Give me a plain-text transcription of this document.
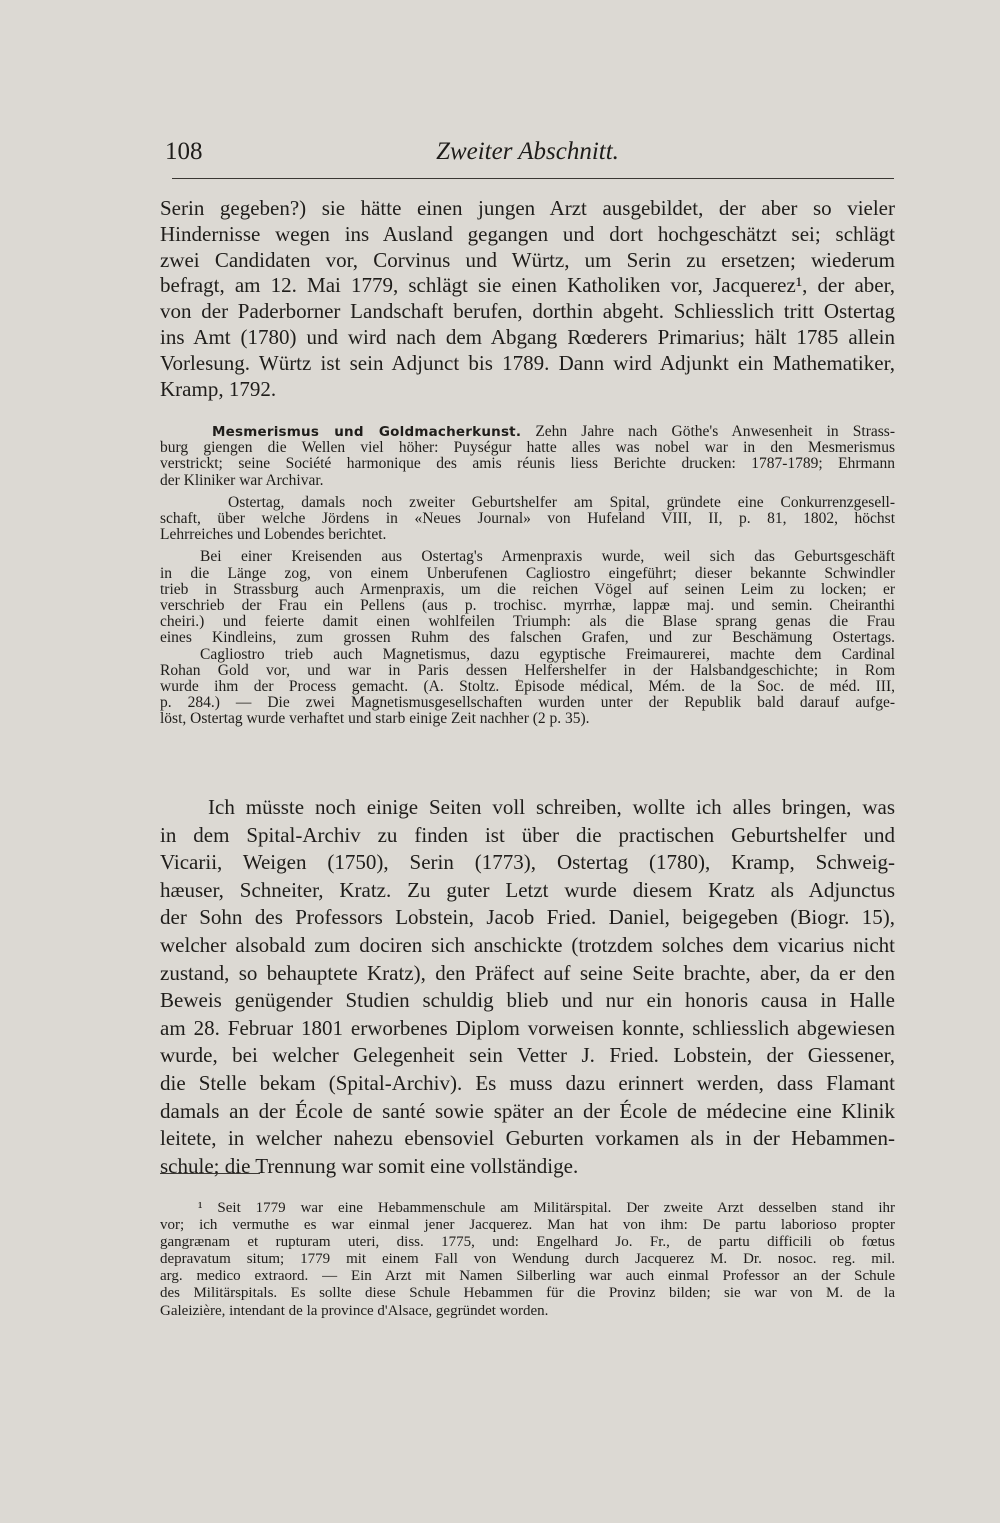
108	Zweiter Abschnitt.
Serin gegeben?) sie hätte einen jungen Arzt ausgebildet, der aber so vieler
Hindernisse wegen ins Ausland gegangen und dort hochgeschätzt sei; schlägt
zwei Candidaten vor, Corvinus und Würtz, um Serin zu ersetzen; wiederum
befragt, am 12. Mai 1779, schlägt sie einen Katholiken vor, Jacquerez¹, der aber,
von der Paderborner Landschaft berufen, dorthin abgeht. Schliesslich tritt Ostertag
ins Amt (1780) und wird nach dem Abgang Rœderers Primarius; hält 1785 allein
Vorlesung. Würtz ist sein Adjunct bis 1789. Dann wird Adjunkt ein Mathematiker,
Kramp, 1792.
Mesmerismus und Goldmacherkunst. Zehn Jahre nach Göthe's Anwesenheit in Strass-
burg giengen die Wellen viel höher: Puységur hatte alles was nobel war in den Mesmerismus
verstrickt; seine Société harmonique des amis réunis liess Berichte drucken: 1787-1789; Ehrmann
der Kliniker war Archivar.
Ostertag, damals noch zweiter Geburtshelfer am Spital, gründete eine Conkurrenzgesell-
schaft, über welche Jördens in «Neues Journal» von Hufeland VIII, II, p. 81, 1802, höchst
Lehrreiches und Lobendes berichtet.
Bei einer Kreisenden aus Ostertag's Armenpraxis wurde, weil sich das Geburtsgeschäft
in die Länge zog, von einem Unberufenen Cagliostro eingeführt; dieser bekannte Schwindler
trieb in Strassburg auch Armenpraxis, um die reichen Vögel auf seinen Leim zu locken; er
verschrieb der Frau ein Pellens (aus p. trochisc. myrrhæ, lappæ maj. und semin. Cheiranthi
cheiri.) und feierte damit einen wohlfeilen Triumph: als die Blase sprang genas die Frau
eines Kindleins, zum grossen Ruhm des falschen Grafen, und zur Beschämung Ostertags.
Cagliostro trieb auch Magnetismus, dazu egyptische Freimaurerei, machte dem Cardinal
Rohan Gold vor, und war in Paris dessen Helfershelfer in der Halsbandgeschichte; in Rom
wurde ihm der Process gemacht. (A. Stoltz. Épisode médical, Mém. de la Soc. de méd. III,
p. 284.) — Die zwei Magnetismusgesellschaften wurden unter der Republik bald darauf aufge-
löst, Ostertag wurde verhaftet und starb einige Zeit nachher (2 p. 35).
Ich müsste noch einige Seiten voll schreiben, wollte ich alles bringen, was
in dem Spital-Archiv zu finden ist über die practischen Geburtshelfer und
Vicarii, Weigen (1750), Serin (1773), Ostertag (1780), Kramp, Schweig-
hæuser, Schneiter, Kratz. Zu guter Letzt wurde diesem Kratz als Adjunctus
der Sohn des Professors Lobstein, Jacob Fried. Daniel, beigegeben (Biogr. 15),
welcher alsobald zum dociren sich anschickte (trotzdem solches dem vicarius nicht
zustand, so behauptete Kratz), den Präfect auf seine Seite brachte, aber, da er den
Beweis genügender Studien schuldig blieb und nur ein honoris causa in Halle
am 28. Februar 1801 erworbenes Diplom vorweisen konnte, schliesslich abgewiesen
wurde, bei welcher Gelegenheit sein Vetter J. Fried. Lobstein, der Giessener,
die Stelle bekam (Spital-Archiv). Es muss dazu erinnert werden, dass Flamant
damals an der École de santé sowie später an der École de médecine eine Klinik
leitete, in welcher nahezu ebensoviel Geburten vorkamen als in der Hebammen-
schule; die Trennung war somit eine vollständige.
¹ Seit 1779 war eine Hebammenschule am Militärspital. Der zweite Arzt desselben stand ihr
vor; ich vermuthe es war einmal jener Jacquerez. Man hat von ihm: De partu laborioso propter
gangrænam et rupturam uteri, diss. 1775, und: Engelhard Jo. Fr., de partu difficili ob fœtus
depravatum situm; 1779 mit einem Fall von Wendung durch Jacquerez M. Dr. nosoc. reg. mil.
arg. medico extraord. — Ein Arzt mit Namen Silberling war auch einmal Professor an der Schule
des Militärspitals. Es sollte diese Schule Hebammen für die Provinz bilden; sie war von M. de la
Galeizière, intendant de la province d'Alsace, gegründet worden.
